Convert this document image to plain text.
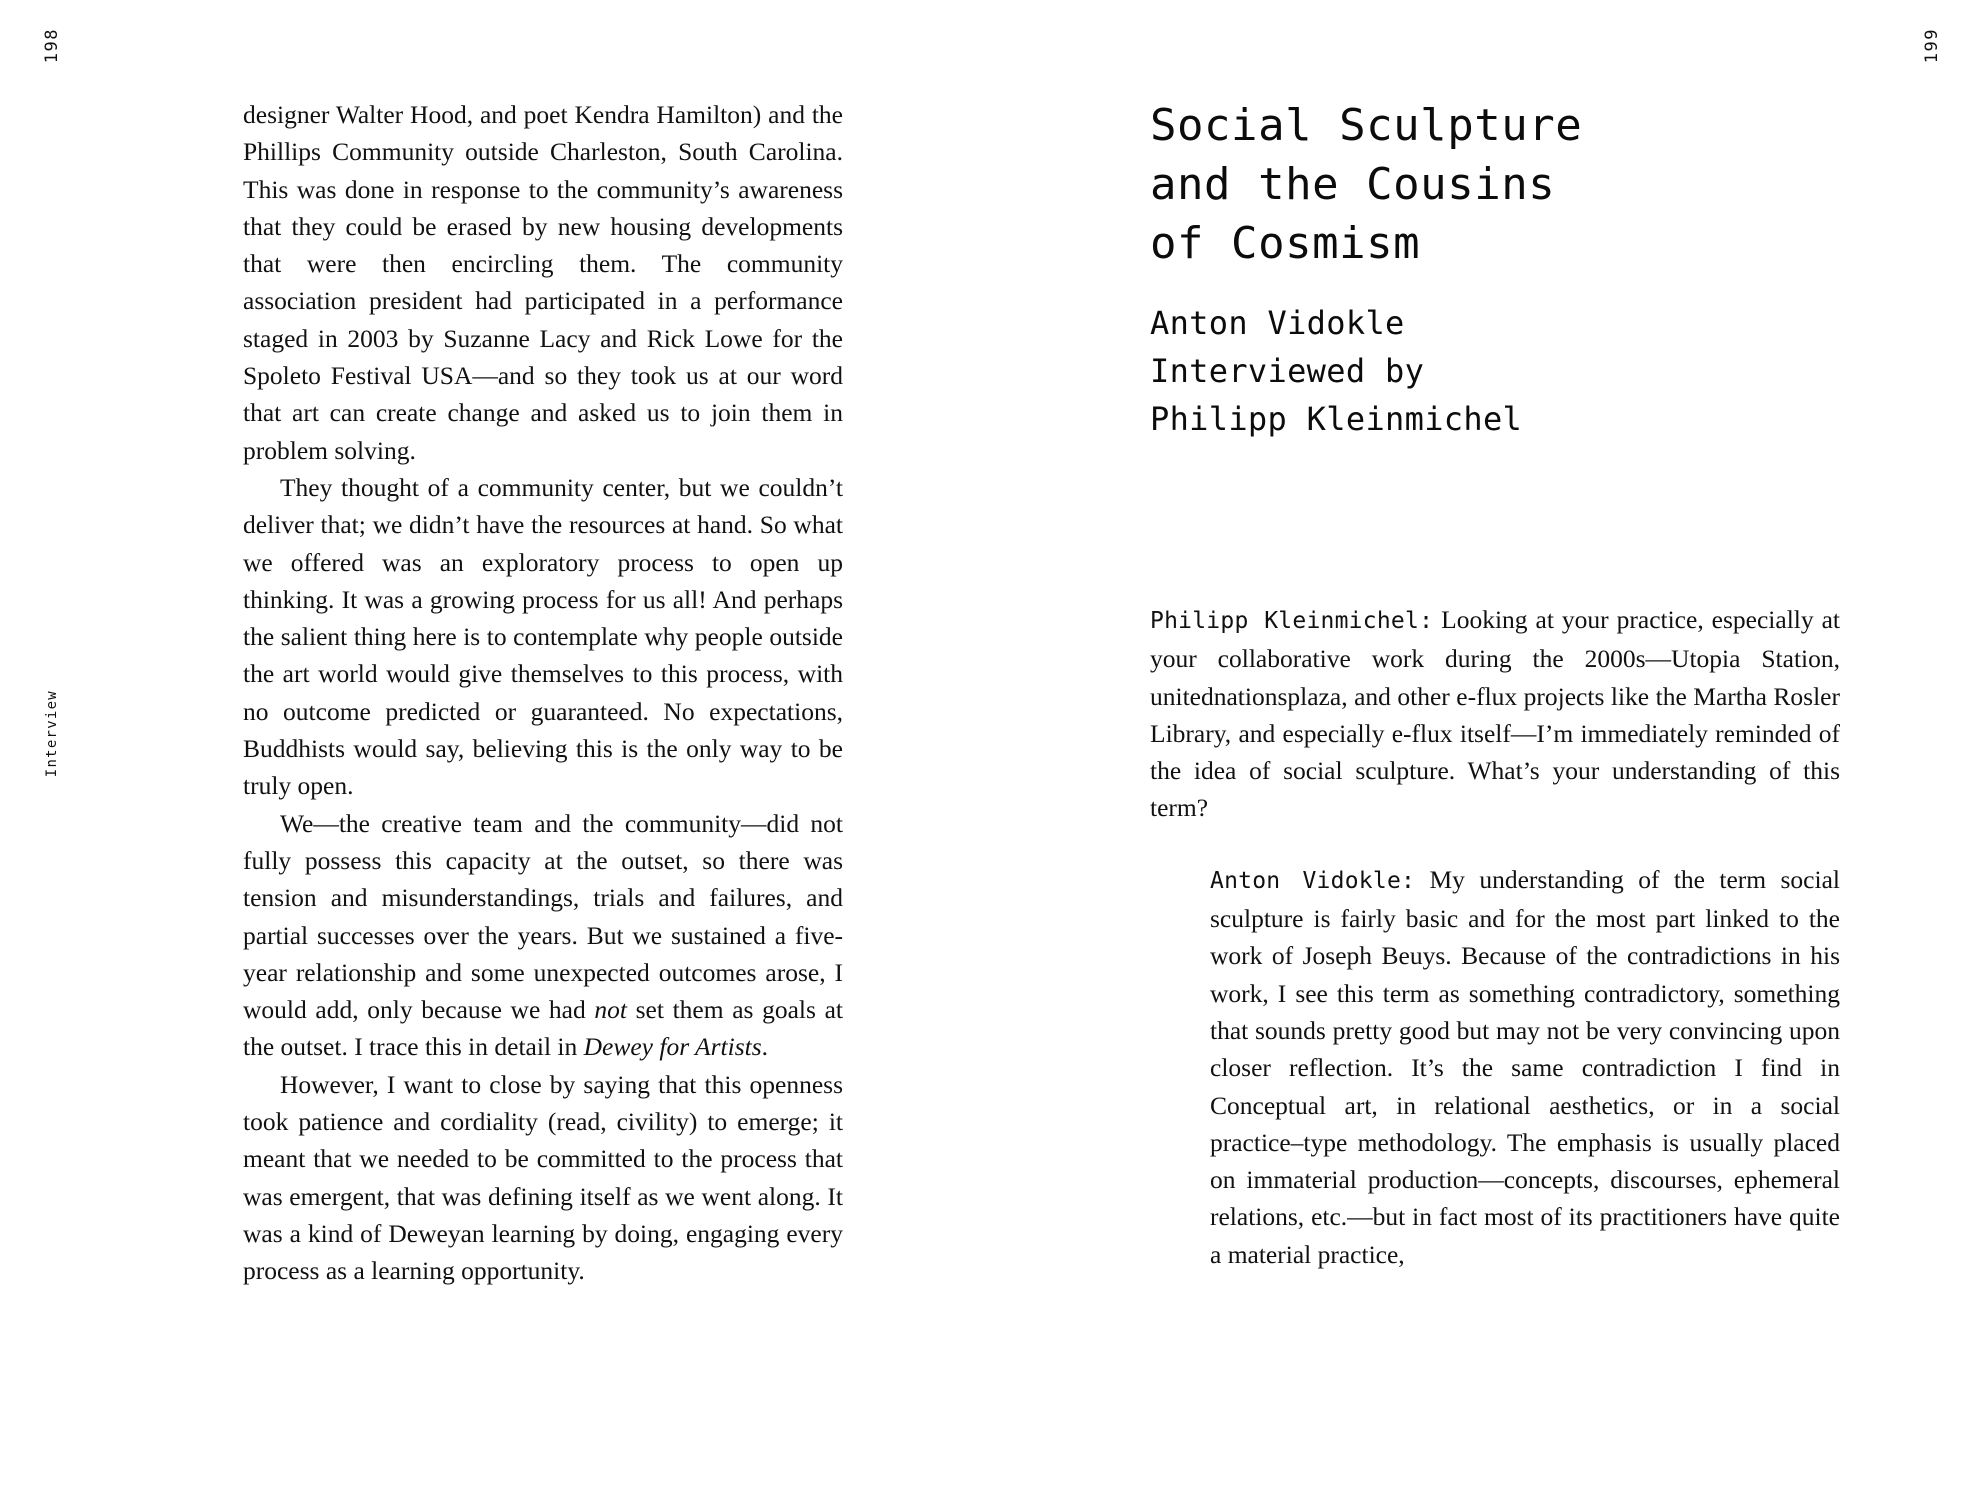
198
Interview

designer Walter Hood, and poet Kendra Hamilton) and the Phillips Community outside Charleston, South Carolina. This was done in response to the community’s awareness that they could be erased by new housing developments that were then encircling them. The community association president had participated in a performance staged in 2003 by Suzanne Lacy and Rick Lowe for the Spoleto Festival USA—and so they took us at our word that art can create change and asked us to join them in problem solving.

They thought of a community center, but we couldn’t deliver that; we didn’t have the resources at hand. So what we offered was an exploratory process to open up thinking. It was a growing process for us all! And perhaps the salient thing here is to contemplate why people outside the art world would give themselves to this process, with no outcome predicted or guaranteed. No expectations, Buddhists would say, believing this is the only way to be truly open.

We—the creative team and the community—did not fully possess this capacity at the outset, so there was tension and misunderstandings, trials and failures, and partial successes over the years. But we sustained a five-year relationship and some unexpected outcomes arose, I would add, only because we had not set them as goals at the outset. I trace this in detail in Dewey for Artists.

However, I want to close by saying that this openness took patience and cordiality (read, civility) to emerge; it meant that we needed to be committed to the process that was emergent, that was defining itself as we went along. It was a kind of Deweyan learning by doing, engaging every process as a learning opportunity.

199
Social Sculpture
and the Cousins
of Cosmism
Anton Vidokle
Interviewed by
Philipp Kleinmichel

Philipp Kleinmichel: Looking at your practice, especially at your collaborative work during the 2000s—Utopia Station, unitednationsplaza, and other e-flux projects like the Martha Rosler Library, and especially e-flux itself—I’m immediately reminded of the idea of social sculpture. What’s your understanding of this term?

Anton Vidokle: My understanding of the term social sculpture is fairly basic and for the most part linked to the work of Joseph Beuys. Because of the contradictions in his work, I see this term as something contradictory, something that sounds pretty good but may not be very convincing upon closer reflection. It’s the same contradiction I find in Conceptual art, in relational aesthetics, or in a social practice–type methodology. The emphasis is usually placed on immaterial production—concepts, discourses, ephemeral relations, etc.—but in fact most of its practitioners have quite a material practice,
